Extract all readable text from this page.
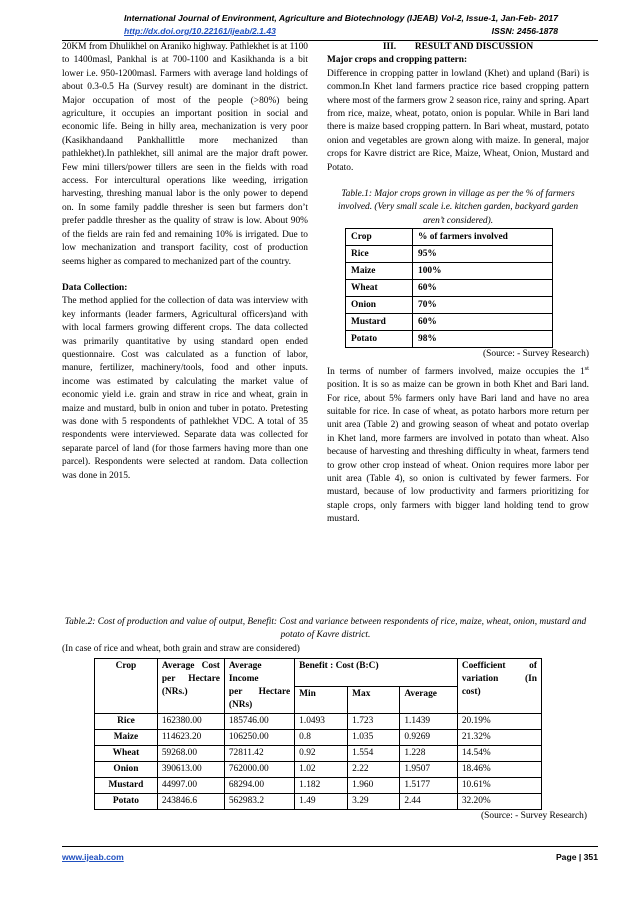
International Journal of Environment, Agriculture and Biotechnology (IJEAB) Vol-2, Issue-1, Jan-Feb- 2017
http://dx.doi.org/10.22161/ijeab/2.1.43	ISSN: 2456-1878

20KM from Dhulikhel on Araniko highway. Pathlekhet is at 1100 to 1400masl, Pankhal is at 700-1100 and Kasikhanda is a bit lower i.e. 950-1200masl. Farmers with average land holdings of about 0.3-0.5 Ha (Survey result) are dominant in the district. Major occupation of most of the people (>80%) being agriculture, it occupies an important position in social and economic life. Being in hilly area, mechanization is very poor (Kasikhandaand Pankhallittle more mechanized than pathlekhet).In pathlekhet, sill animal are the major draft power. Few mini tillers/power tillers are seen in the fields with road access. For intercultural operations like weeding, irrigation harvesting, threshing manual labor is the only power to depend on. In some family paddle thresher is seen but farmers don’t prefer paddle thresher as the quality of straw is low. About 90% of the fields are rain fed and remaining 10% is irrigated. Due to low mechanization and transport facility, cost of production seems higher as compared to mechanized part of the country.

Data Collection:

The method applied for the collection of data was interview with key informants (leader farmers, Agricultural officers)and with with local farmers growing different crops. The data collected was primarily quantitative by using standard open ended questionnaire. Cost was calculated as a function of labor, manure, fertilizer, machinery/tools, food and other inputs. income was estimated by calculating the market value of economic yield i.e. grain and straw in rice and wheat, grain in maize and mustard, bulb in onion and tuber in potato. Pretesting was done with 5 respondents of pathlekhet VDC. A total of 35 respondents were interviewed. Separate data was collected for separate parcel of land (for those farmers having more than one parcel). Respondents were selected at random. Data collection was done in 2015.

III.        RESULT AND DISCUSSION

Major crops and cropping pattern:

Difference in cropping patter in lowland (Khet) and upland (Bari) is common.In Khet land farmers practice rice based cropping pattern where most of the farmers grow 2 season rice, rainy and spring. Apart from rice, maize, wheat, potato, onion is popular. While in Bari land there is maize based cropping pattern. In Bari wheat, mustard, potato onion and vegetables are grown along with maize. In general, major crops for Kavre district are Rice, Maize, Wheat, Onion, Mustard and Potato.

Table.1: Major crops grown in village as per the % of farmers involved. (Very small scale i.e. kitchen garden, backyard garden aren’t considered).

Crop	% of farmers involved
Rice	95%
Maize	100%
Wheat	60%
Onion	70%
Mustard	60%
Potato	98%

(Source: - Survey Research)

In terms of number of farmers involved, maize occupies the 1st position. It is so as maize can be grown in both Khet and Bari land. For rice, about 5% farmers only have Bari land and have no area suitable for rice. In case of wheat, as potato harbors more return per unit area (Table 2) and growing season of wheat and potato overlap in Khet land, more farmers are involved in potato than wheat. Also because of harvesting and threshing difficulty in wheat, farmers tend to grow other crop instead of wheat. Onion requires more labor per unit area (Table 4), so onion is cultivated by fewer farmers. For mustard, because of low productivity and farmers prioritizing for staple crops, only farmers with bigger land holding tend to grow mustard.

Table.2: Cost of production and value of output, Benefit: Cost and variance between respondents of rice, maize, wheat, onion, mustard and potato of Kavre district.

(In case of rice and wheat, both grain and straw are considered)

Crop	Average Cost
per Hectare
(NRs.)	Average Income
per Hectare
(NRs)	Benefit : Cost (B:C)			Coefficient of
variation (In
cost)

			Min	Max	Average	
Rice	162380.00	185746.00	1.0493	1.723	1.1439	20.19%
Maize	114623.20	106250.00	0.8	1.035	0.9269	21.32%
Wheat	59268.00	72811.42	0.92	1.554	1.228	14.54%
Onion	390613.00	762000.00	1.02	2.22	1.9507	18.46%
Mustard	44997.00	68294.00	1.182	1.960	1.5177	10.61%
Potato	243846.6	562983.2	1.49	3.29	2.44	32.20%

(Source: - Survey Research)

www.ijeab.com	Page | 351
